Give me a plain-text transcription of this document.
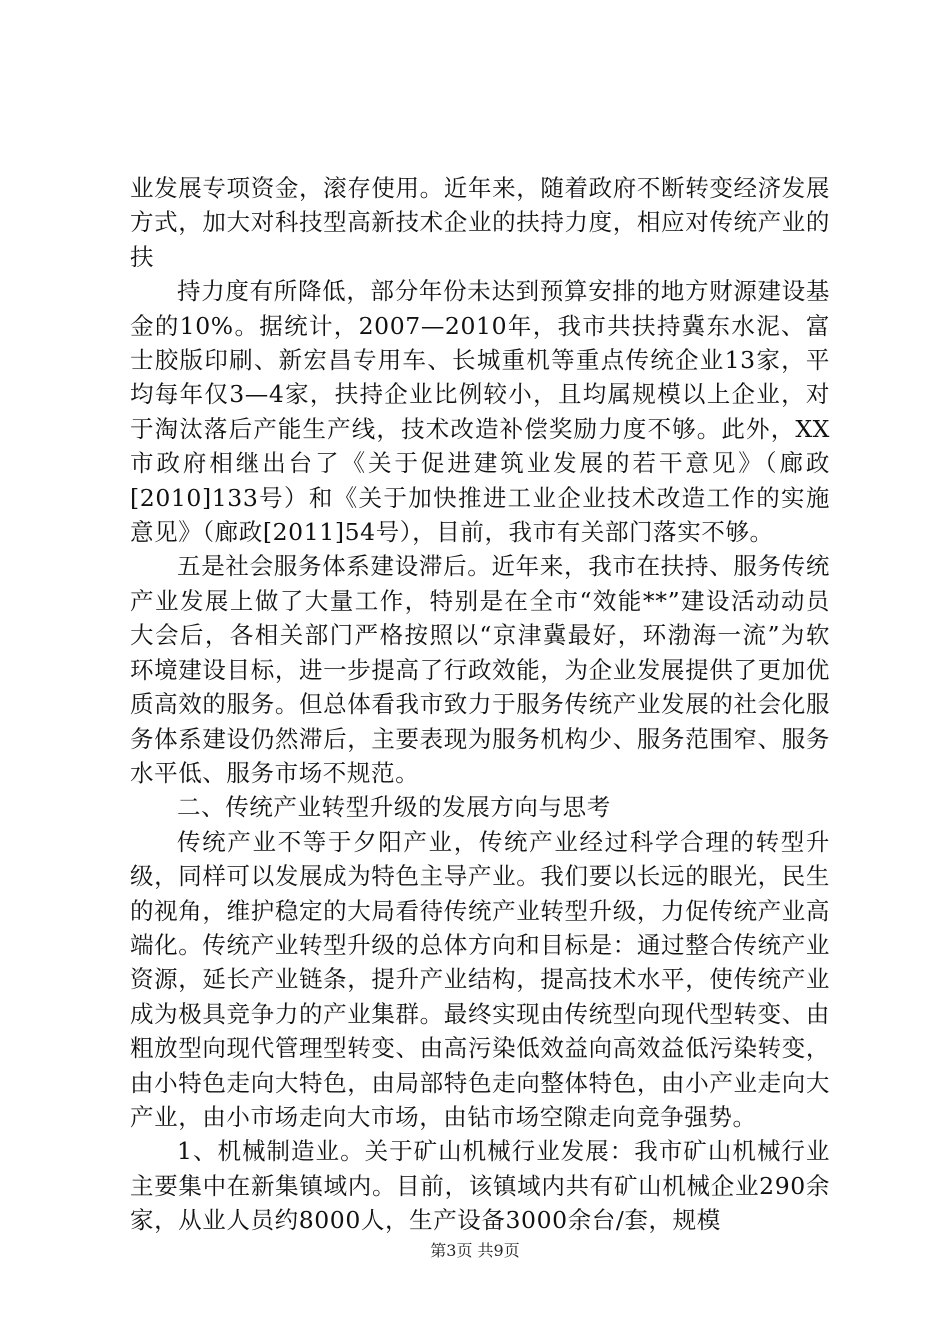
业发展专项资金，滚存使用。近年来，随着政府不断转变经济发展方式，加大对科技型高新技术企业的扶持力度，相应对传统产业的扶

持力度有所降低，部分年份未达到预算安排的地方财源建设基金的10%。据统计，2007—2010年，我市共扶持冀东水泥、富士胶版印刷、新宏昌专用车、长城重机等重点传统企业13家，平均每年仅3—4家，扶持企业比例较小，且均属规模以上企业，对于淘汰落后产能生产线，技术改造补偿奖励力度不够。此外，XX市政府相继出台了《关于促进建筑业发展的若干意见》（廊政[2010]133号）和《关于加快推进工业企业技术改造工作的实施意见》（廊政[2011]54号），目前，我市有关部门落实不够。

五是社会服务体系建设滞后。近年来，我市在扶持、服务传统产业发展上做了大量工作，特别是在全市“效能**”建设活动动员大会后，各相关部门严格按照以“京津冀最好，环渤海一流”为软环境建设目标，进一步提高了行政效能，为企业发展提供了更加优质高效的服务。但总体看我市致力于服务传统产业发展的社会化服务体系建设仍然滞后，主要表现为服务机构少、服务范围窄、服务水平低、服务市场不规范。

二、传统产业转型升级的发展方向与思考

传统产业不等于夕阳产业，传统产业经过科学合理的转型升级，同样可以发展成为特色主导产业。我们要以长远的眼光，民生的视角，维护稳定的大局看待传统产业转型升级，力促传统产业高端化。传统产业转型升级的总体方向和目标是：通过整合传统产业资源，延长产业链条，提升产业结构，提高技术水平，使传统产业成为极具竞争力的产业集群。最终实现由传统型向现代型转变、由粗放型向现代管理型转变、由高污染低效益向高效益低污染转变，由小特色走向大特色，由局部特色走向整体特色，由小产业走向大产业，由小市场走向大市场，由钻市场空隙走向竞争强势。

1、机械制造业。关于矿山机械行业发展：我市矿山机械行业主要集中在新集镇域内。目前，该镇域内共有矿山机械企业290余家，从业人员约8000人，生产设备3000余台/套，规模

第3页 共9页
